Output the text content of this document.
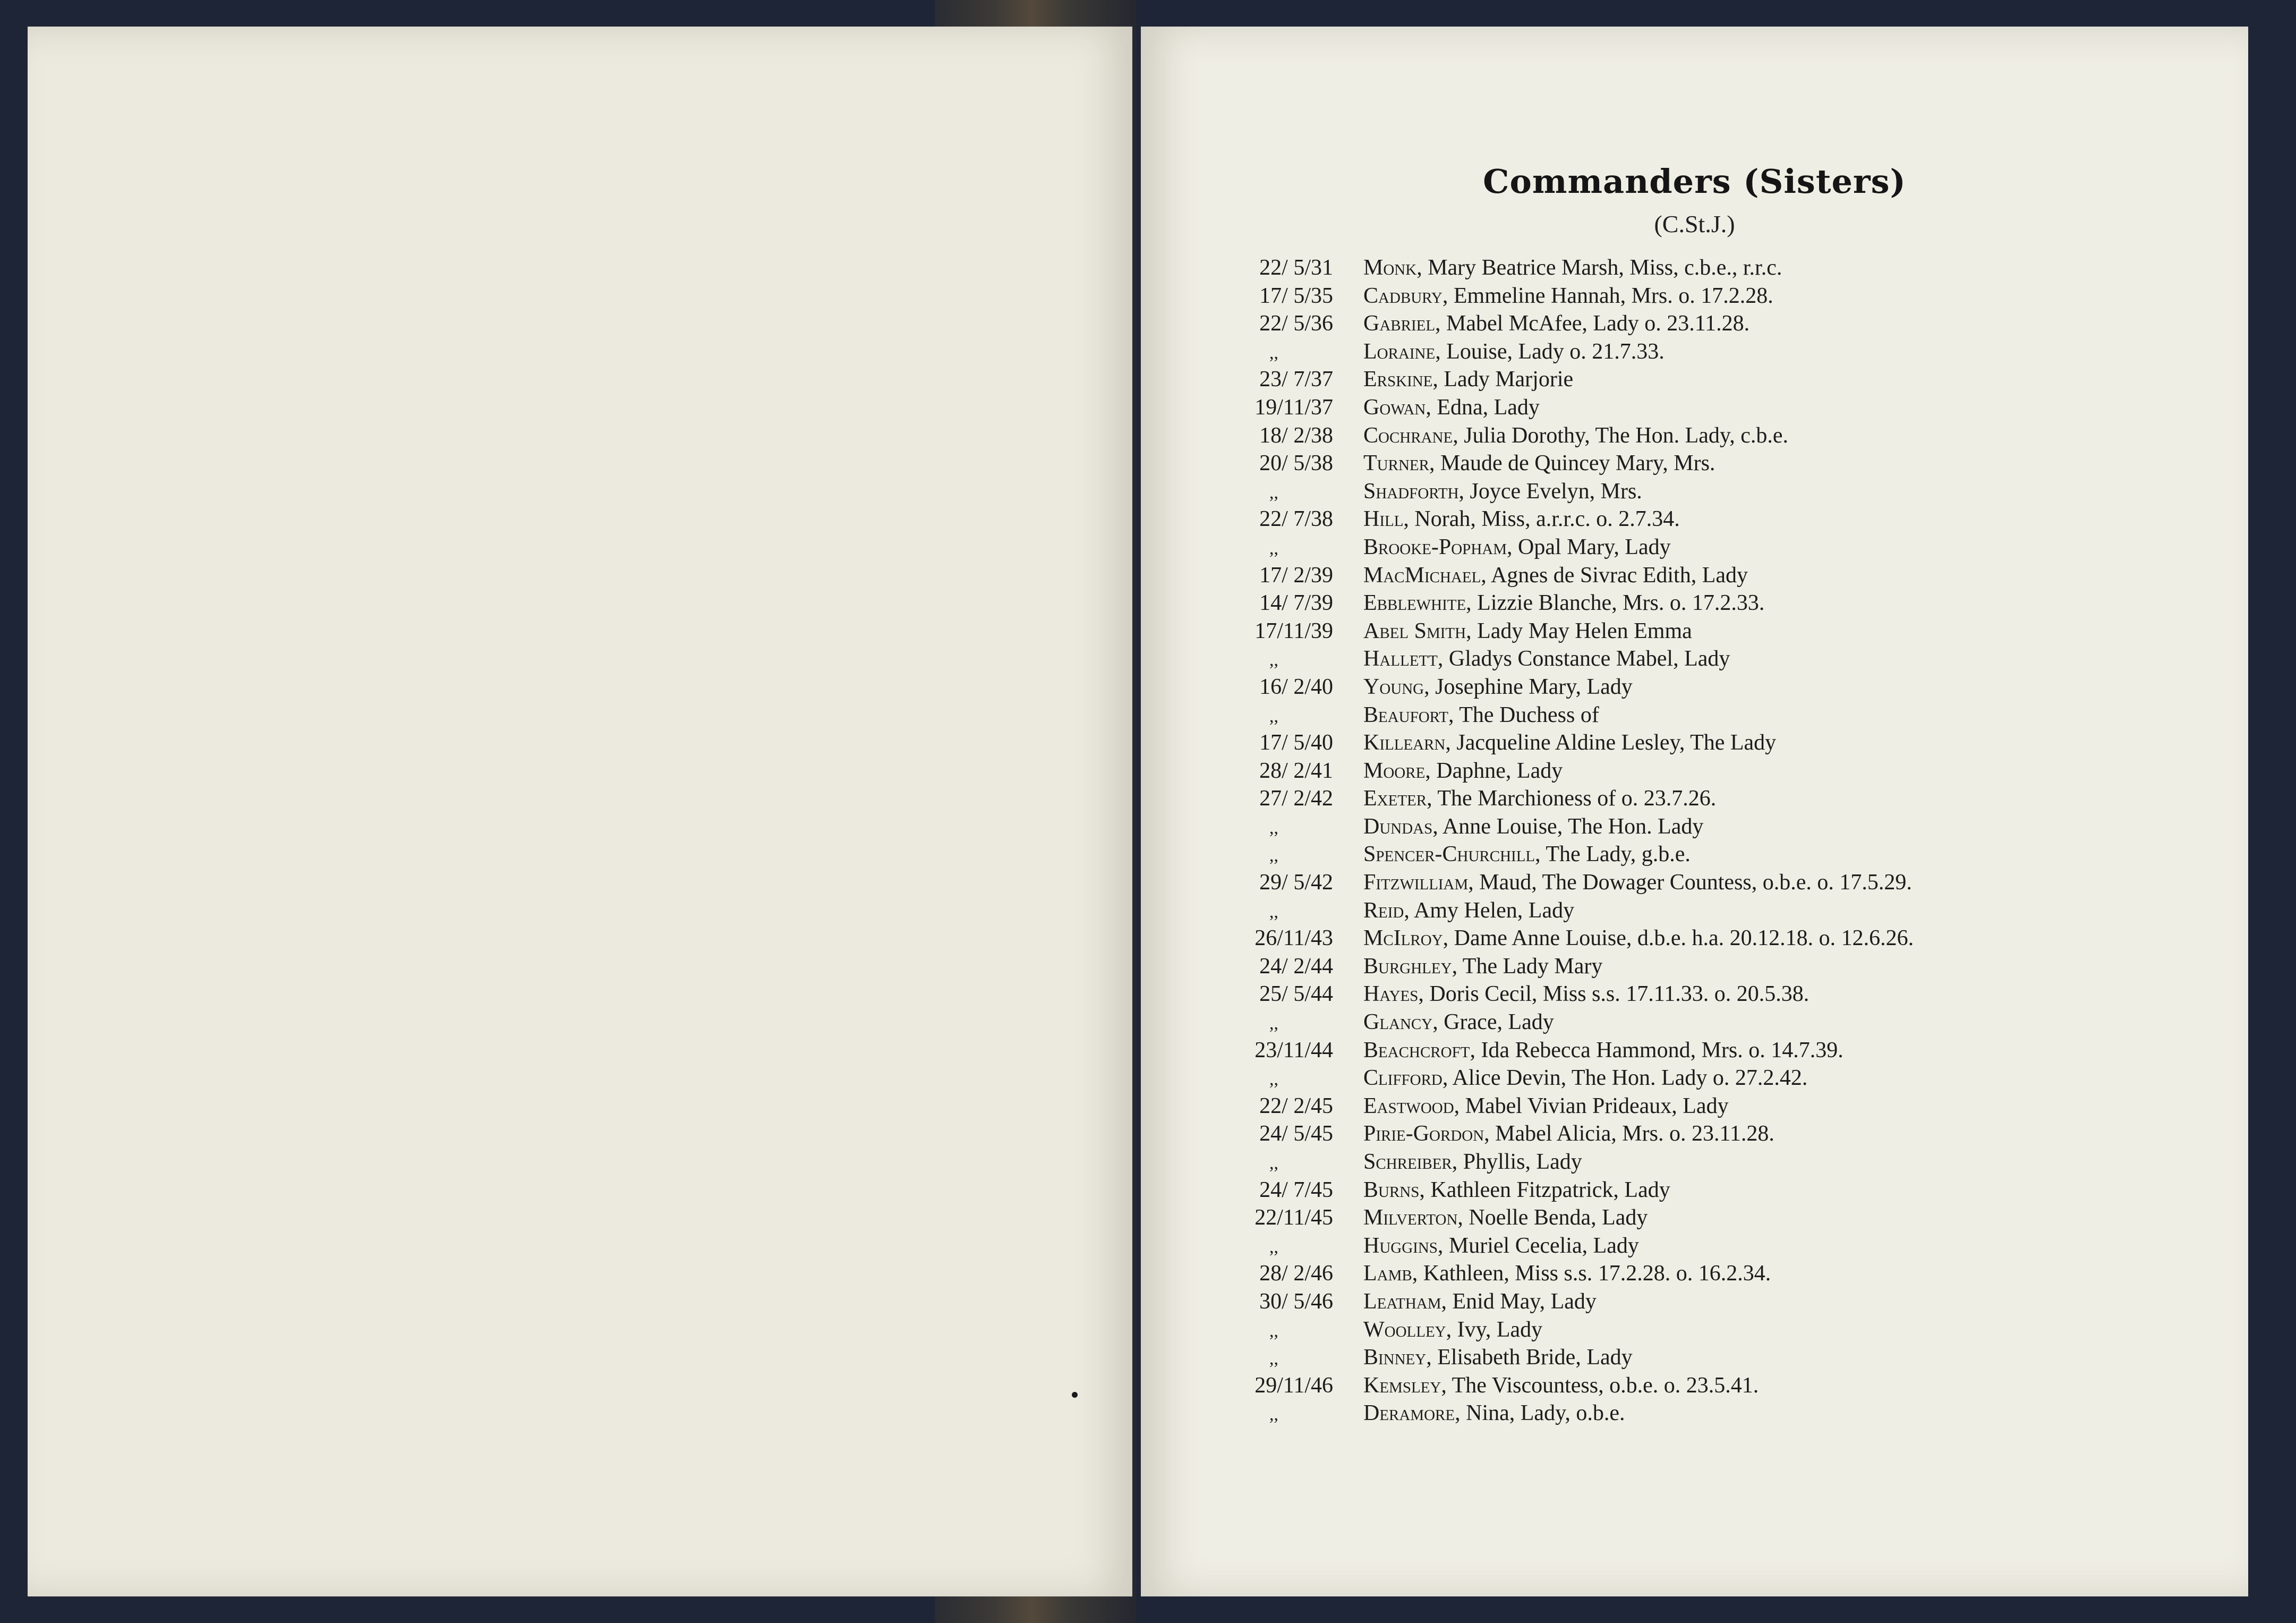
Commanders (Sisters)
(C.St.J.)
22/ 5/31	Monk, Mary Beatrice Marsh, Miss, c.b.e., r.r.c.
17/ 5/35	Cadbury, Emmeline Hannah, Mrs. o. 17.2.28.
22/ 5/36	Gabriel, Mabel McAfee, Lady o. 23.11.28.
,,	Loraine, Louise, Lady o. 21.7.33.
23/ 7/37	Erskine, Lady Marjorie
19/11/37	Gowan, Edna, Lady
18/ 2/38	Cochrane, Julia Dorothy, The Hon. Lady, c.b.e.
20/ 5/38	Turner, Maude de Quincey Mary, Mrs.
,,	Shadforth, Joyce Evelyn, Mrs.
22/ 7/38	Hill, Norah, Miss, a.r.r.c. o. 2.7.34.
,,	Brooke-Popham, Opal Mary, Lady
17/ 2/39	MacMichael, Agnes de Sivrac Edith, Lady
14/ 7/39	Ebblewhite, Lizzie Blanche, Mrs. o. 17.2.33.
17/11/39	Abel Smith, Lady May Helen Emma
,,	Hallett, Gladys Constance Mabel, Lady
16/ 2/40	Young, Josephine Mary, Lady
,,	Beaufort, The Duchess of
17/ 5/40	Killearn, Jacqueline Aldine Lesley, The Lady
28/ 2/41	Moore, Daphne, Lady
27/ 2/42	Exeter, The Marchioness of o. 23.7.26.
,,	Dundas, Anne Louise, The Hon. Lady
,,	Spencer-Churchill, The Lady, g.b.e.
29/ 5/42	Fitzwilliam, Maud, The Dowager Countess, o.b.e. o. 17.5.29.
,,	Reid, Amy Helen, Lady
26/11/43	McIlroy, Dame Anne Louise, d.b.e. h.a. 20.12.18. o. 12.6.26.
24/ 2/44	Burghley, The Lady Mary
25/ 5/44	Hayes, Doris Cecil, Miss s.s. 17.11.33. o. 20.5.38.
,,	Glancy, Grace, Lady
23/11/44	Beachcroft, Ida Rebecca Hammond, Mrs. o. 14.7.39.
,,	Clifford, Alice Devin, The Hon. Lady o. 27.2.42.
22/ 2/45	Eastwood, Mabel Vivian Prideaux, Lady
24/ 5/45	Pirie-Gordon, Mabel Alicia, Mrs. o. 23.11.28.
,,	Schreiber, Phyllis, Lady
24/ 7/45	Burns, Kathleen Fitzpatrick, Lady
22/11/45	Milverton, Noelle Benda, Lady
,,	Huggins, Muriel Cecelia, Lady
28/ 2/46	Lamb, Kathleen, Miss s.s. 17.2.28. o. 16.2.34.
30/ 5/46	Leatham, Enid May, Lady
,,	Woolley, Ivy, Lady
,,	Binney, Elisabeth Bride, Lady
29/11/46	Kemsley, The Viscountess, o.b.e. o. 23.5.41.
,,	Deramore, Nina, Lady, o.b.e.
